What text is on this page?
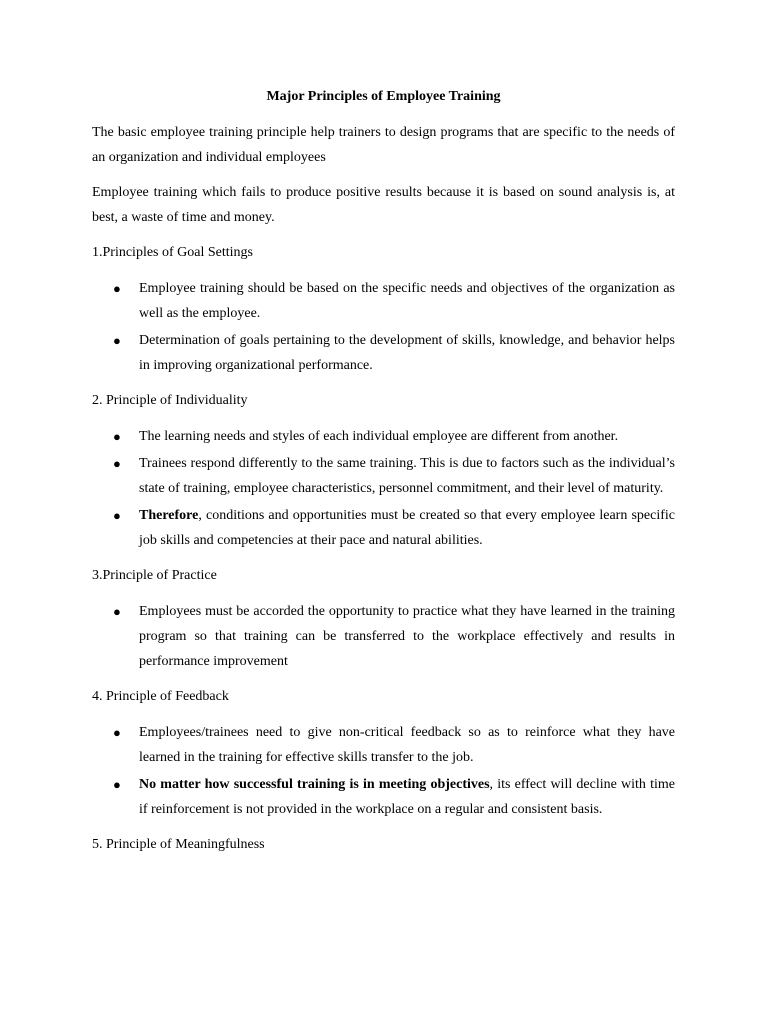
Major Principles of Employee Training

The basic employee training principle help trainers to design programs that are specific to the needs of an organization and individual employees

Employee training which fails to produce positive results because it is based on sound analysis is, at best, a waste of time and money.

1.Principles of Goal Settings
● Employee training should be based on the specific needs and objectives of the organization as well as the employee.
● Determination of goals pertaining to the development of skills, knowledge, and behavior helps in improving organizational performance.
2. Principle of Individuality
● The learning needs and styles of each individual employee are different from another.
● Trainees respond differently to the same training. This is due to factors such as the individual’s state of training, employee characteristics, personnel commitment, and their level of maturity.
● Therefore, conditions and opportunities must be created so that every employee learn specific job skills and competencies at their pace and natural abilities.
3.Principle of Practice
● Employees must be accorded the opportunity to practice what they have learned in the training program so that training can be transferred to the workplace effectively and results in performance improvement
4. Principle of Feedback
● Employees/trainees need to give non-critical feedback so as to reinforce what they have learned in the training for effective skills transfer to the job.
● No matter how successful training is in meeting objectives, its effect will decline with time if reinforcement is not provided in the workplace on a regular and consistent basis.
5. Principle of Meaningfulness
